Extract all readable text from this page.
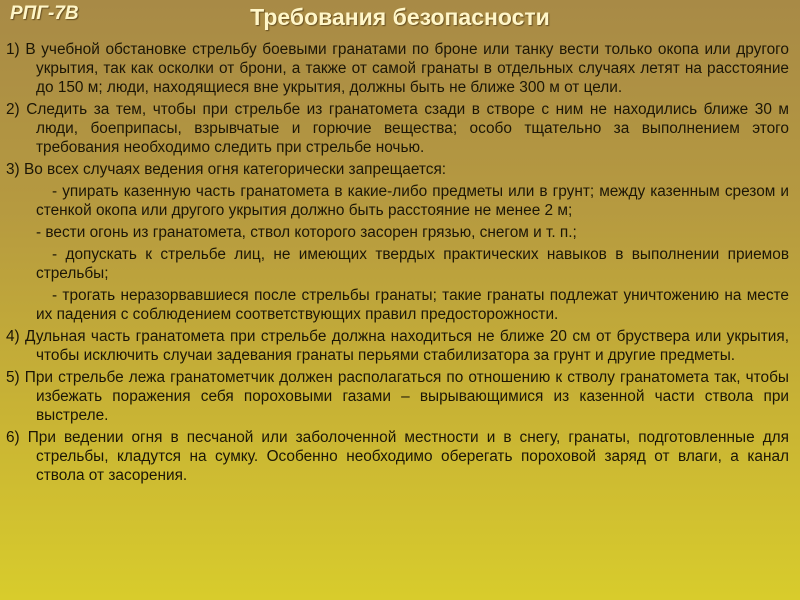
РПГ-7В	Требования безопасности

1) В учебной обстановке стрельбу боевыми гранатами по броне или танку вести только окопа или другого укрытия, так как осколки от брони, а также от самой гранаты в отдельных случаях летят на расстояние до 150 м; люди, находящиеся вне укрытия, должны быть не ближе 300 м от цели.

2) Следить за тем, чтобы при стрельбе из гранатомета сзади в створе с ним не находились ближе 30 м люди, боеприпасы, взрывчатые и горючие вещества; особо тщательно за выполнением этого требования необходимо следить при стрельбе ночью.

3) Во всех случаях ведения огня категорически запрещается:

- упирать казенную часть гранатомета в какие-либо предметы или в грунт; между казенным срезом и стенкой окопа или другого укрытия должно быть расстояние не менее 2 м;

- вести огонь из гранатомета, ствол которого засорен грязью, снегом и т. п.;

- допускать к стрельбе лиц, не имеющих твердых практических навыков в выполнении приемов стрельбы;

- трогать неразорвавшиеся после стрельбы гранаты; такие гранаты подлежат уничтожению на месте их падения с соблюдением соответствующих правил предосторожности.

4) Дульная часть гранатомета при стрельбе должна находиться не ближе 20 см от бруствера или укрытия, чтобы исключить случаи задевания гранаты перьями стабилизатора за грунт и другие предметы.

5) При стрельбе лежа гранатометчик должен располагаться по отношению к стволу гранатомета так, чтобы избежать поражения себя пороховыми газами – вырывающимися из казенной части ствола при выстреле.

6) При ведении огня в песчаной или заболоченной местности и в снегу, гранаты, подготовленные для стрельбы, кладутся на сумку. Особенно необходимо оберегать пороховой заряд от влаги, а канал ствола от засорения.
